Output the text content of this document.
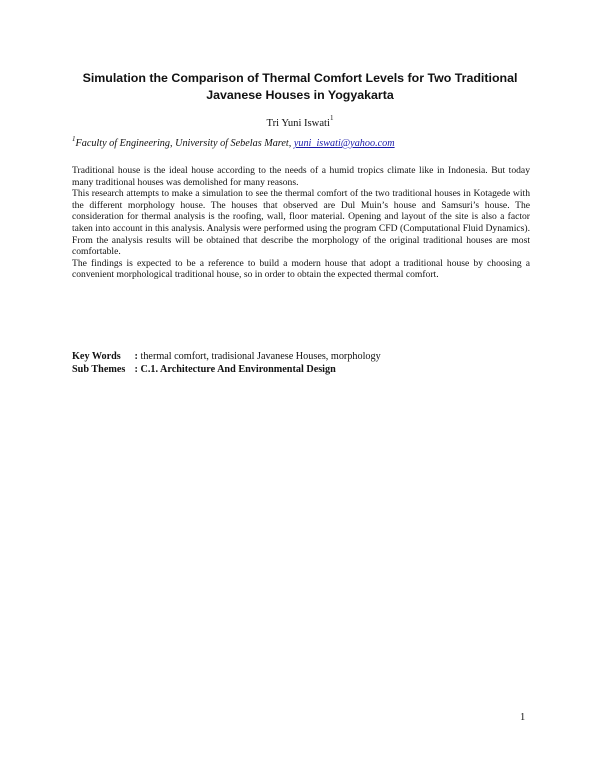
Simulation the Comparison of Thermal Comfort Levels for Two Traditional
Javanese Houses in Yogyakarta
Tri Yuni Iswati$^1$
$^1$Faculty of Engineering, University of Sebelas Maret, yuni_iswati@yahoo.com

Traditional house is the ideal house according to the needs of a humid tropics climate like in Indonesia. But today many traditional houses was demolished for many reasons.

This research attempts to make a simulation to see the thermal comfort of the two traditional houses in Kotagede with the different morphology house. The houses that observed are Dul Muin’s house and Samsuri’s house. The consideration for thermal analysis is the roofing, wall, floor material. Opening and layout of the site is also a factor taken into account in this analysis. Analysis were performed using the program CFD (Computational Fluid Dynamics). From the analysis results will be obtained that describe the morphology of the original traditional houses are most comfortable.

The findings is expected to be a reference to build a modern house that adopt a traditional house by choosing a convenient morphological traditional house, so in order to obtain the expected thermal comfort.

Key Words : thermal comfort, tradisional Javanese Houses, morphology
Sub Themes : C.1. Architecture And Environmental Design
1
